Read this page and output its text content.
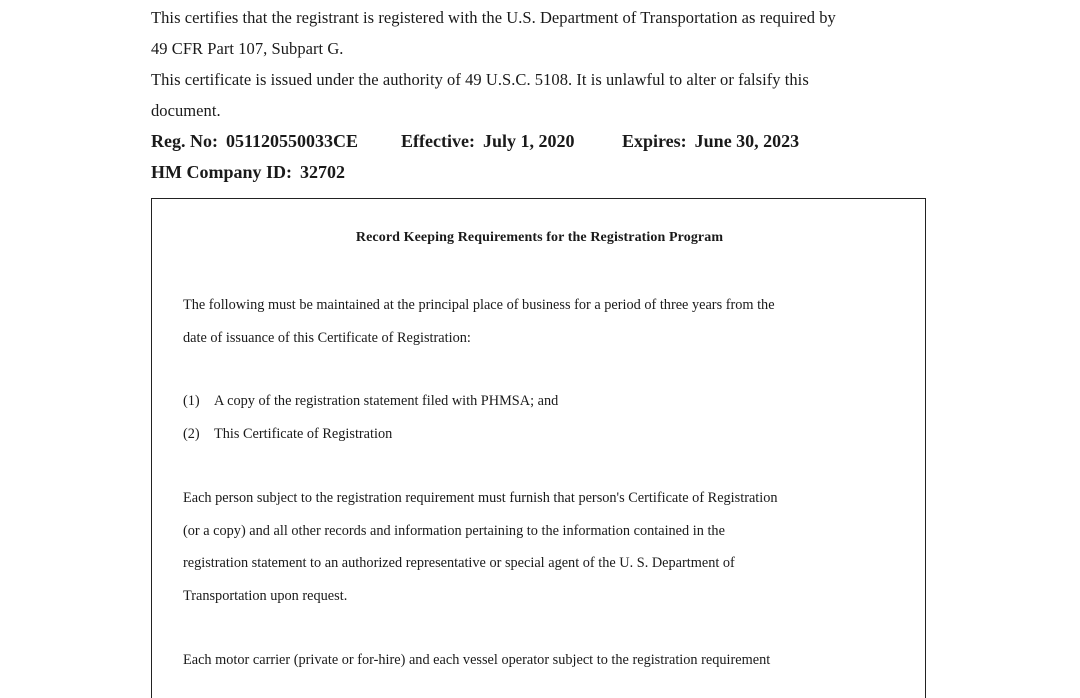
This certifies that the registrant is registered with the U.S. Department of Transportation as required by
49 CFR Part 107, Subpart G.
This certificate is issued under the authority of 49 U.S.C. 5108. It is unlawful to alter or falsify this
document.
Reg. No: 051120550033CE Effective: July 1, 2020	Expires: June 30, 2023
HM Company ID: 32702
Record Keeping Requirements for the Registration Program
The following must be maintained at the principal place of business for a period of three years from the
date of issuance of this Certificate of Registration:
(1) A copy of the registration statement filed with PHMSA; and
(2) This Certificate of Registration
Each person subject to the registration requirement must furnish that person's Certificate of Registration
(or a copy) and all other records and information pertaining to the information contained in the
registration statement to an authorized representative or special agent of the U. S. Department of
Transportation upon request.
Each motor carrier (private or for-hire) and each vessel operator subject to the registration requirement
